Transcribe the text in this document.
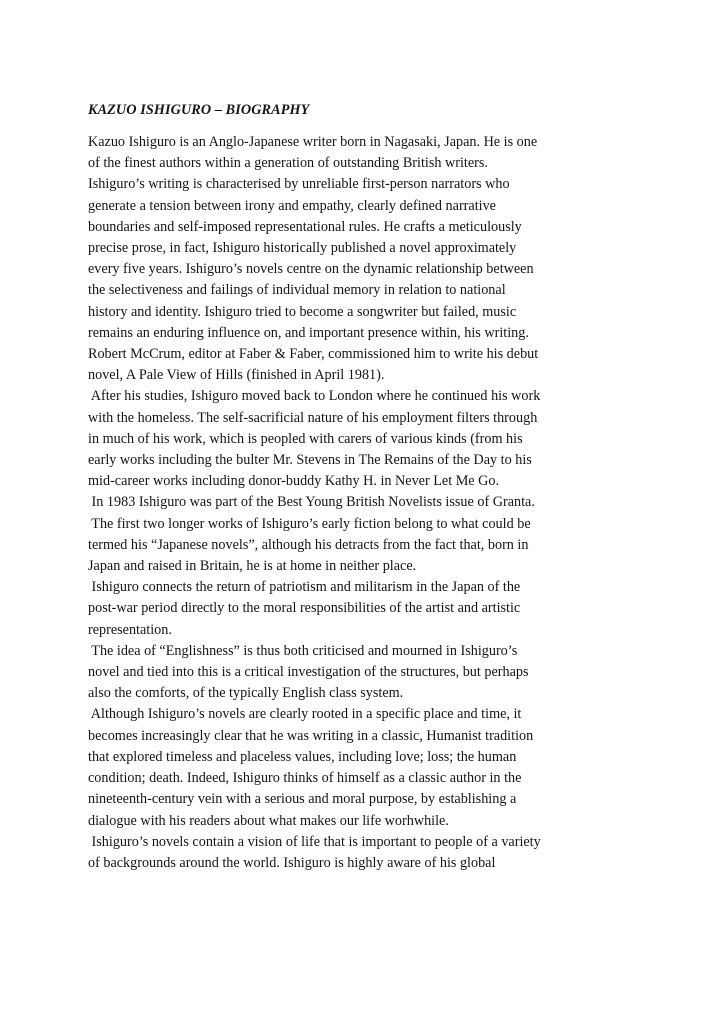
KAZUO ISHIGURO – BIOGRAPHY
Kazuo Ishiguro is an Anglo-Japanese writer born in Nagasaki, Japan. He is one
of the finest authors within a generation of outstanding British writers.
Ishiguro’s writing is characterised by unreliable first-person narrators who
generate a tension between irony and empathy, clearly defined narrative
boundaries and self-imposed representational rules. He crafts a meticulously
precise prose, in fact, Ishiguro historically published a novel approximately
every five years. Ishiguro’s novels centre on the dynamic relationship between
the selectiveness and failings of individual memory in relation to national
history and identity. Ishiguro tried to become a songwriter but failed, music
remains an enduring influence on, and important presence within, his writing.
Robert McCrum, editor at Faber & Faber, commissioned him to write his debut
novel, A Pale View of Hills (finished in April 1981).
After his studies, Ishiguro moved back to London where he continued his work
with the homeless. The self-sacrificial nature of his employment filters through
in much of his work, which is peopled with carers of various kinds (from his
early works including the bulter Mr. Stevens in The Remains of the Day to his
mid-career works including donor-buddy Kathy H. in Never Let Me Go.
In 1983 Ishiguro was part of the Best Young British Novelists issue of Granta.
The first two longer works of Ishiguro’s early fiction belong to what could be
termed his “Japanese novels”, although his detracts from the fact that, born in
Japan and raised in Britain, he is at home in neither place.
Ishiguro connects the return of patriotism and militarism in the Japan of the
post-war period directly to the moral responsibilities of the artist and artistic
representation.
The idea of “Englishness” is thus both criticised and mourned in Ishiguro’s
novel and tied into this is a critical investigation of the structures, but perhaps
also the comforts, of the typically English class system.
Although Ishiguro’s novels are clearly rooted in a specific place and time, it
becomes increasingly clear that he was writing in a classic, Humanist tradition
that explored timeless and placeless values, including love; loss; the human
condition; death. Indeed, Ishiguro thinks of himself as a classic author in the
nineteenth-century vein with a serious and moral purpose, by establishing a
dialogue with his readers about what makes our life worhwhile.
Ishiguro’s novels contain a vision of life that is important to people of a variety
of backgrounds around the world. Ishiguro is highly aware of his global
